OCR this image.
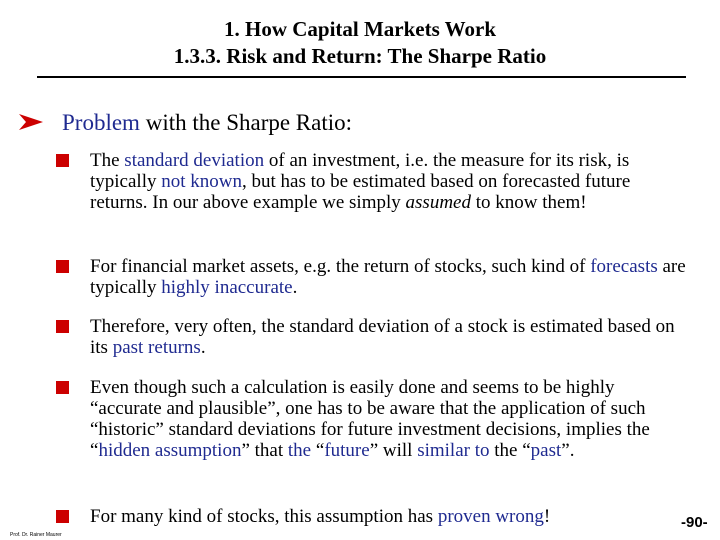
1. How Capital Markets Work
1.3.3. Risk and Return: The Sharpe Ratio
Problem with the Sharpe Ratio:
The standard deviation of an investment, i.e. the measure for its risk, is typically not known, but has to be estimated based on forecasted future returns. In our above example we simply assumed to know them!
For financial market assets, e.g. the return of stocks, such kind of forecasts are typically highly inaccurate.
Therefore, very often, the standard deviation of a stock is estimated based on its past returns.
Even though such a calculation is easily done and seems to be highly “accurate and plausible”, one has to be aware that the application of such “historic” standard deviations for future investment decisions, implies the “hidden assumption” that the “future” will similar to the “past”.
For many kind of stocks, this assumption has proven wrong!
Prof. Dr. Rainer Maurer
-90-
